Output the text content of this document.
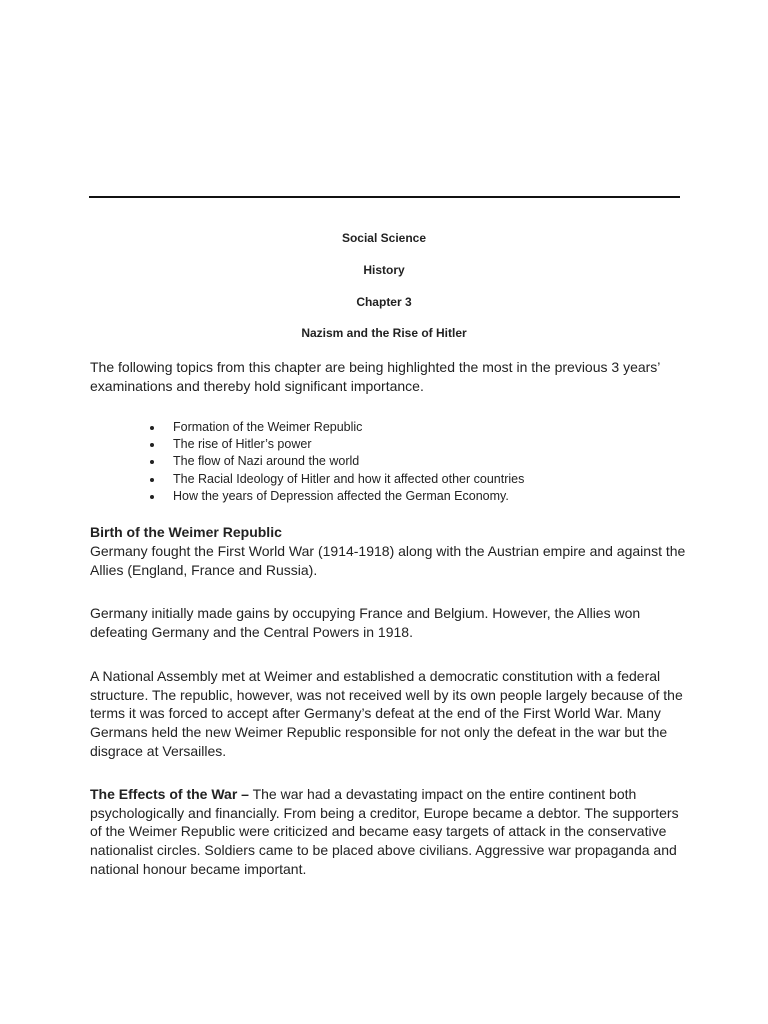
Social Science
History
Chapter 3
Nazism and the Rise of Hitler

The following topics from this chapter are being highlighted the most in the previous 3 years’ examinations and thereby hold significant importance.

Formation of the Weimer Republic
The rise of Hitler’s power
The flow of Nazi around the world
The Racial Ideology of Hitler and how it affected other countries
How the years of Depression affected the German Economy.
Birth of the Weimer Republic

Germany fought the First World War (1914-1918) along with the Austrian empire and against the Allies (England, France and Russia).

Germany initially made gains by occupying France and Belgium. However, the Allies won defeating Germany and the Central Powers in 1918.

A National Assembly met at Weimer and established a democratic constitution with a federal structure. The republic, however, was not received well by its own people largely because of the terms it was forced to accept after Germany’s defeat at the end of the First World War. Many Germans held the new Weimer Republic responsible for not only the defeat in the war but the disgrace at Versailles.

The Effects of the War – The war had a devastating impact on the entire continent both psychologically and financially. From being a creditor, Europe became a debtor. The supporters of the Weimer Republic were criticized and became easy targets of attack in the conservative nationalist circles. Soldiers came to be placed above civilians. Aggressive war propaganda and national honour became important.
